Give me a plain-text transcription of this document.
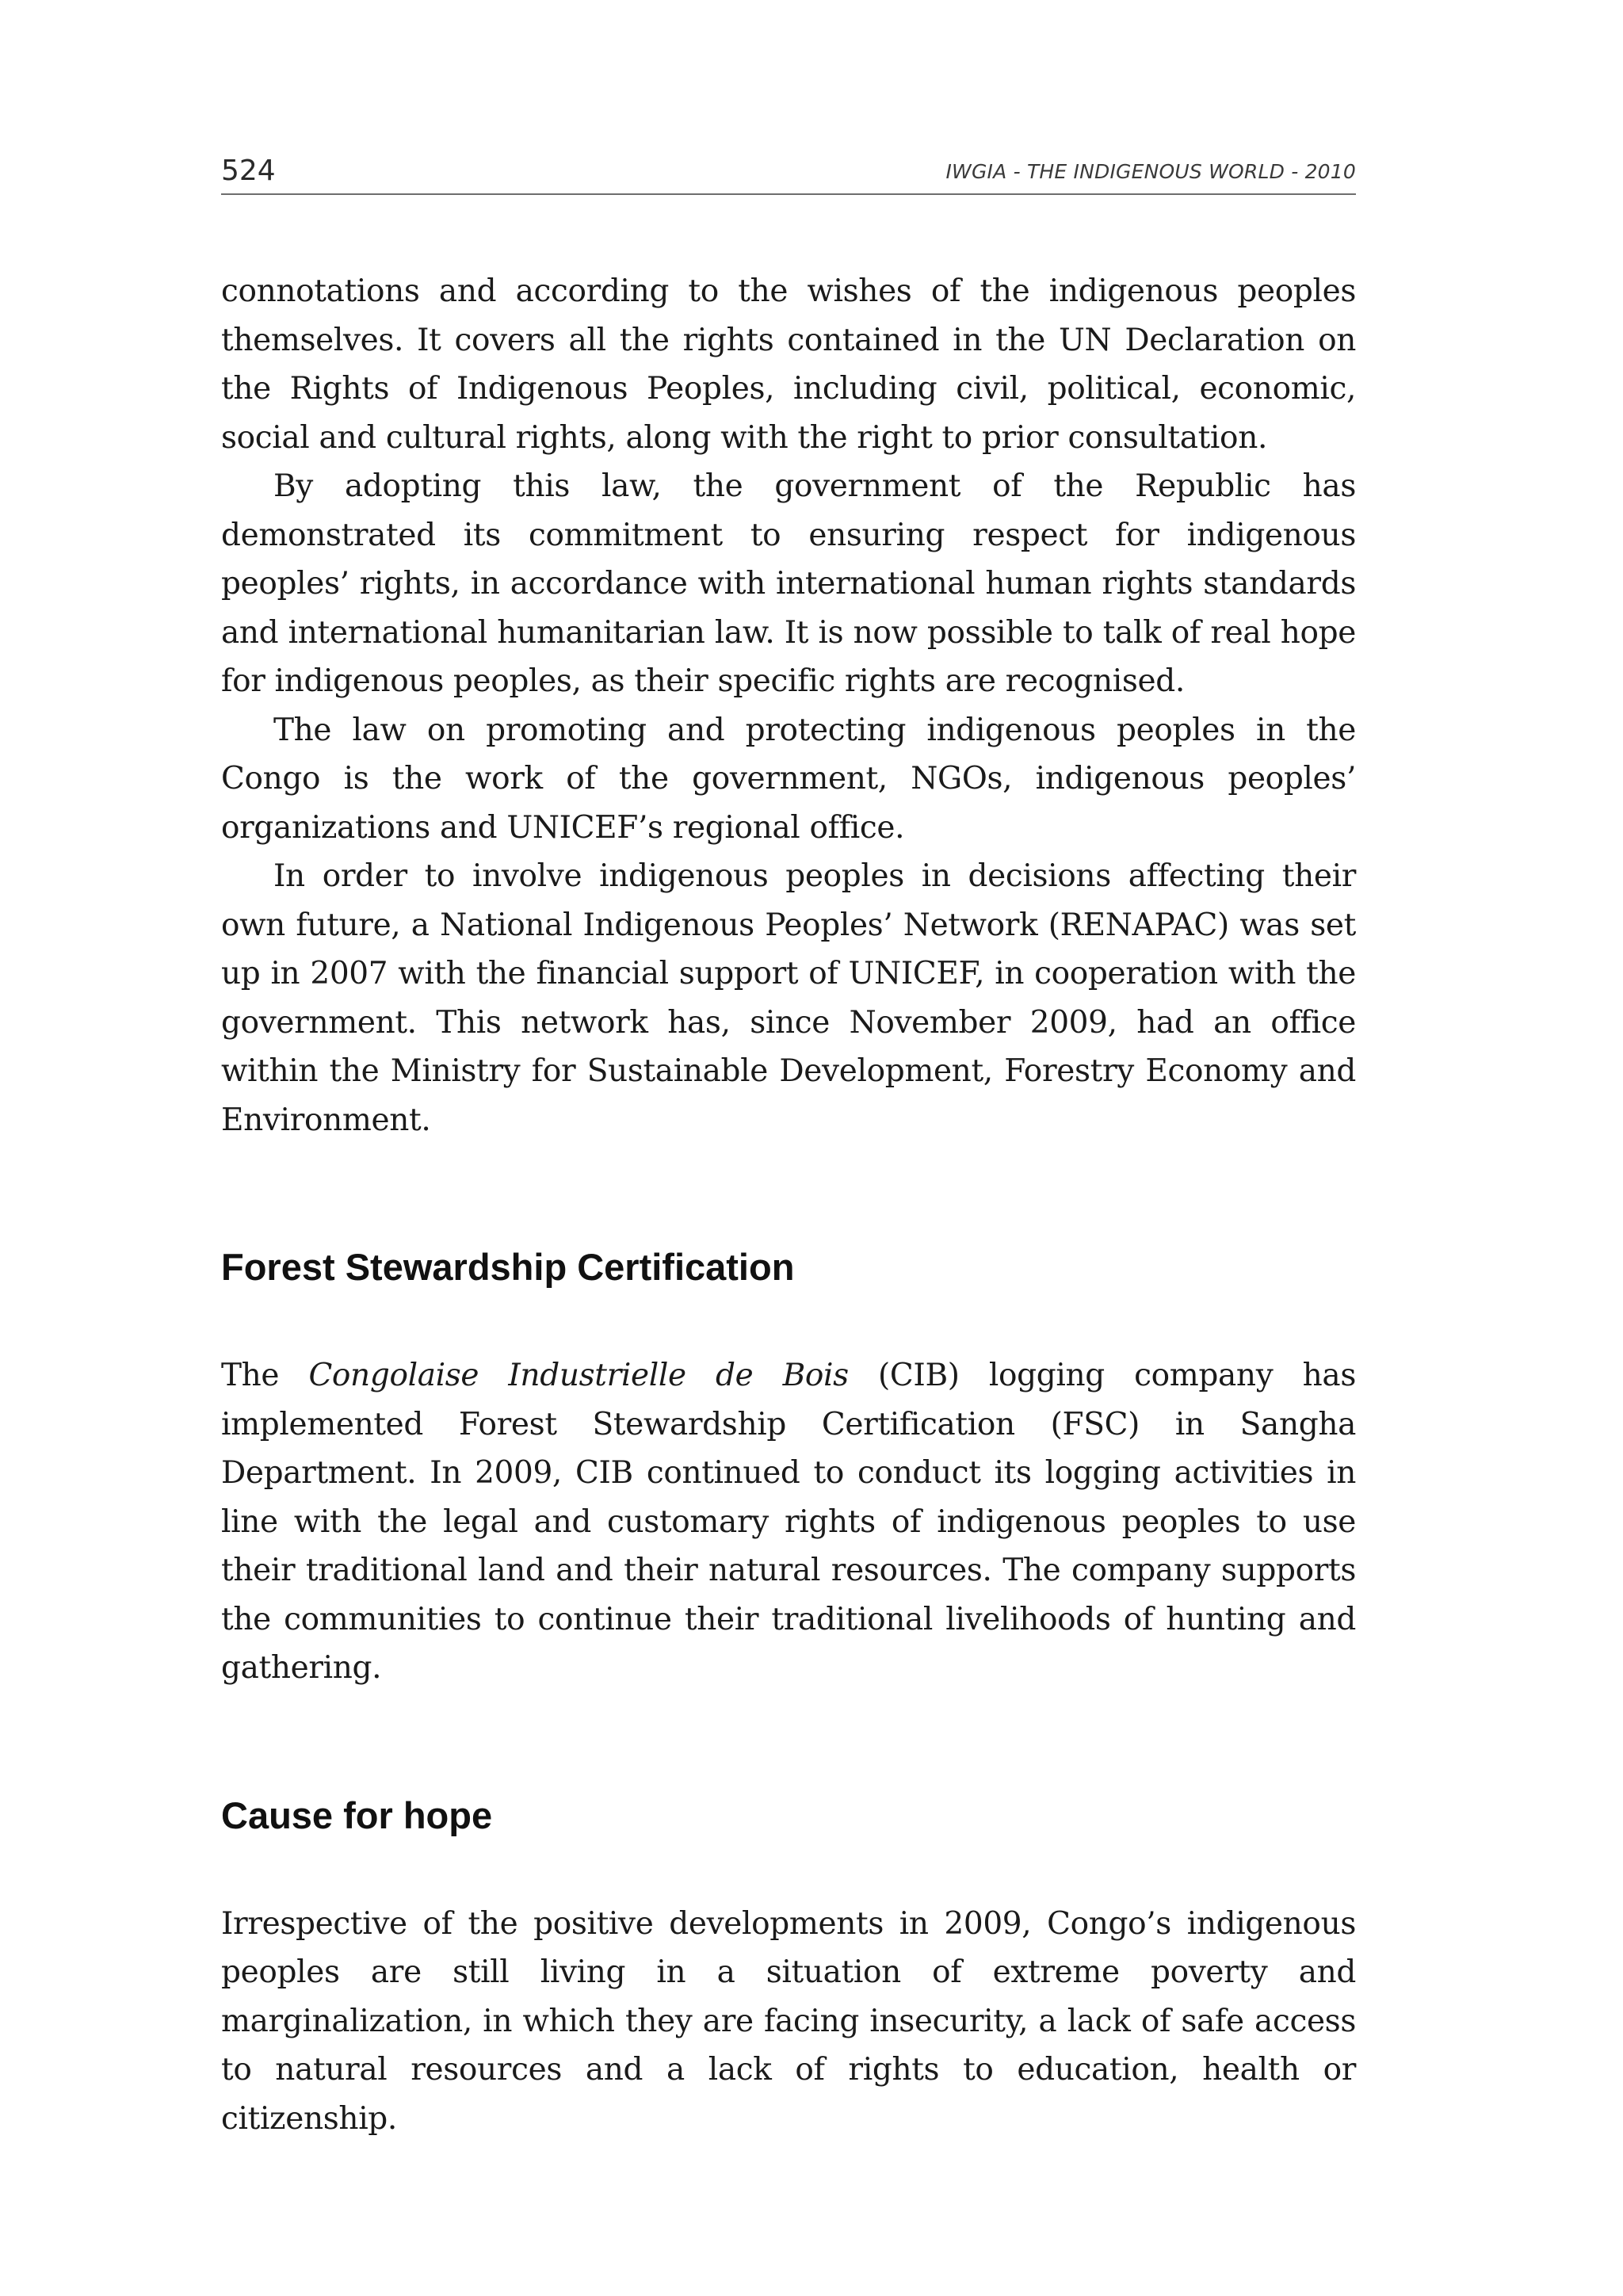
524	IWGIA - THE INDIGENOUS WORLD - 2010

connotations and according to the wishes of the indigenous peoples themselves. It covers all the rights contained in the UN Declaration on the Rights of Indigenous Peoples, including civil, political, economic, social and cultural rights, along with the right to prior consultation.

By adopting this law, the government of the Republic has demonstrated its commitment to ensuring respect for indigenous peoples’ rights, in accordance with international human rights standards and international humanitarian law. It is now possible to talk of real hope for indigenous peoples, as their specific rights are recognised.

The law on promoting and protecting indigenous peoples in the Congo is the work of the government, NGOs, indigenous peoples’ organizations and UNICEF’s regional office.

In order to involve indigenous peoples in decisions affecting their own future, a National Indigenous Peoples’ Network (RENAPAC) was set up in 2007 with the financial support of UNICEF, in cooperation with the government. This network has, since November 2009, had an office within the Ministry for Sustainable Development, Forestry Economy and Environment.

Forest Stewardship Certification

The Congolaise Industrielle de Bois (CIB) logging company has implemented Forest Stewardship Certification (FSC) in Sangha Department. In 2009, CIB continued to conduct its logging activities in line with the legal and customary rights of indigenous peoples to use their traditional land and their natural resources. The company supports the communities to continue their traditional livelihoods of hunting and gathering.

Cause for hope

Irrespective of the positive developments in 2009, Congo’s indigenous peoples are still living in a situation of extreme poverty and marginalization, in which they are facing insecurity, a lack of safe access to natural resources and a lack of rights to education, health or citizenship.
